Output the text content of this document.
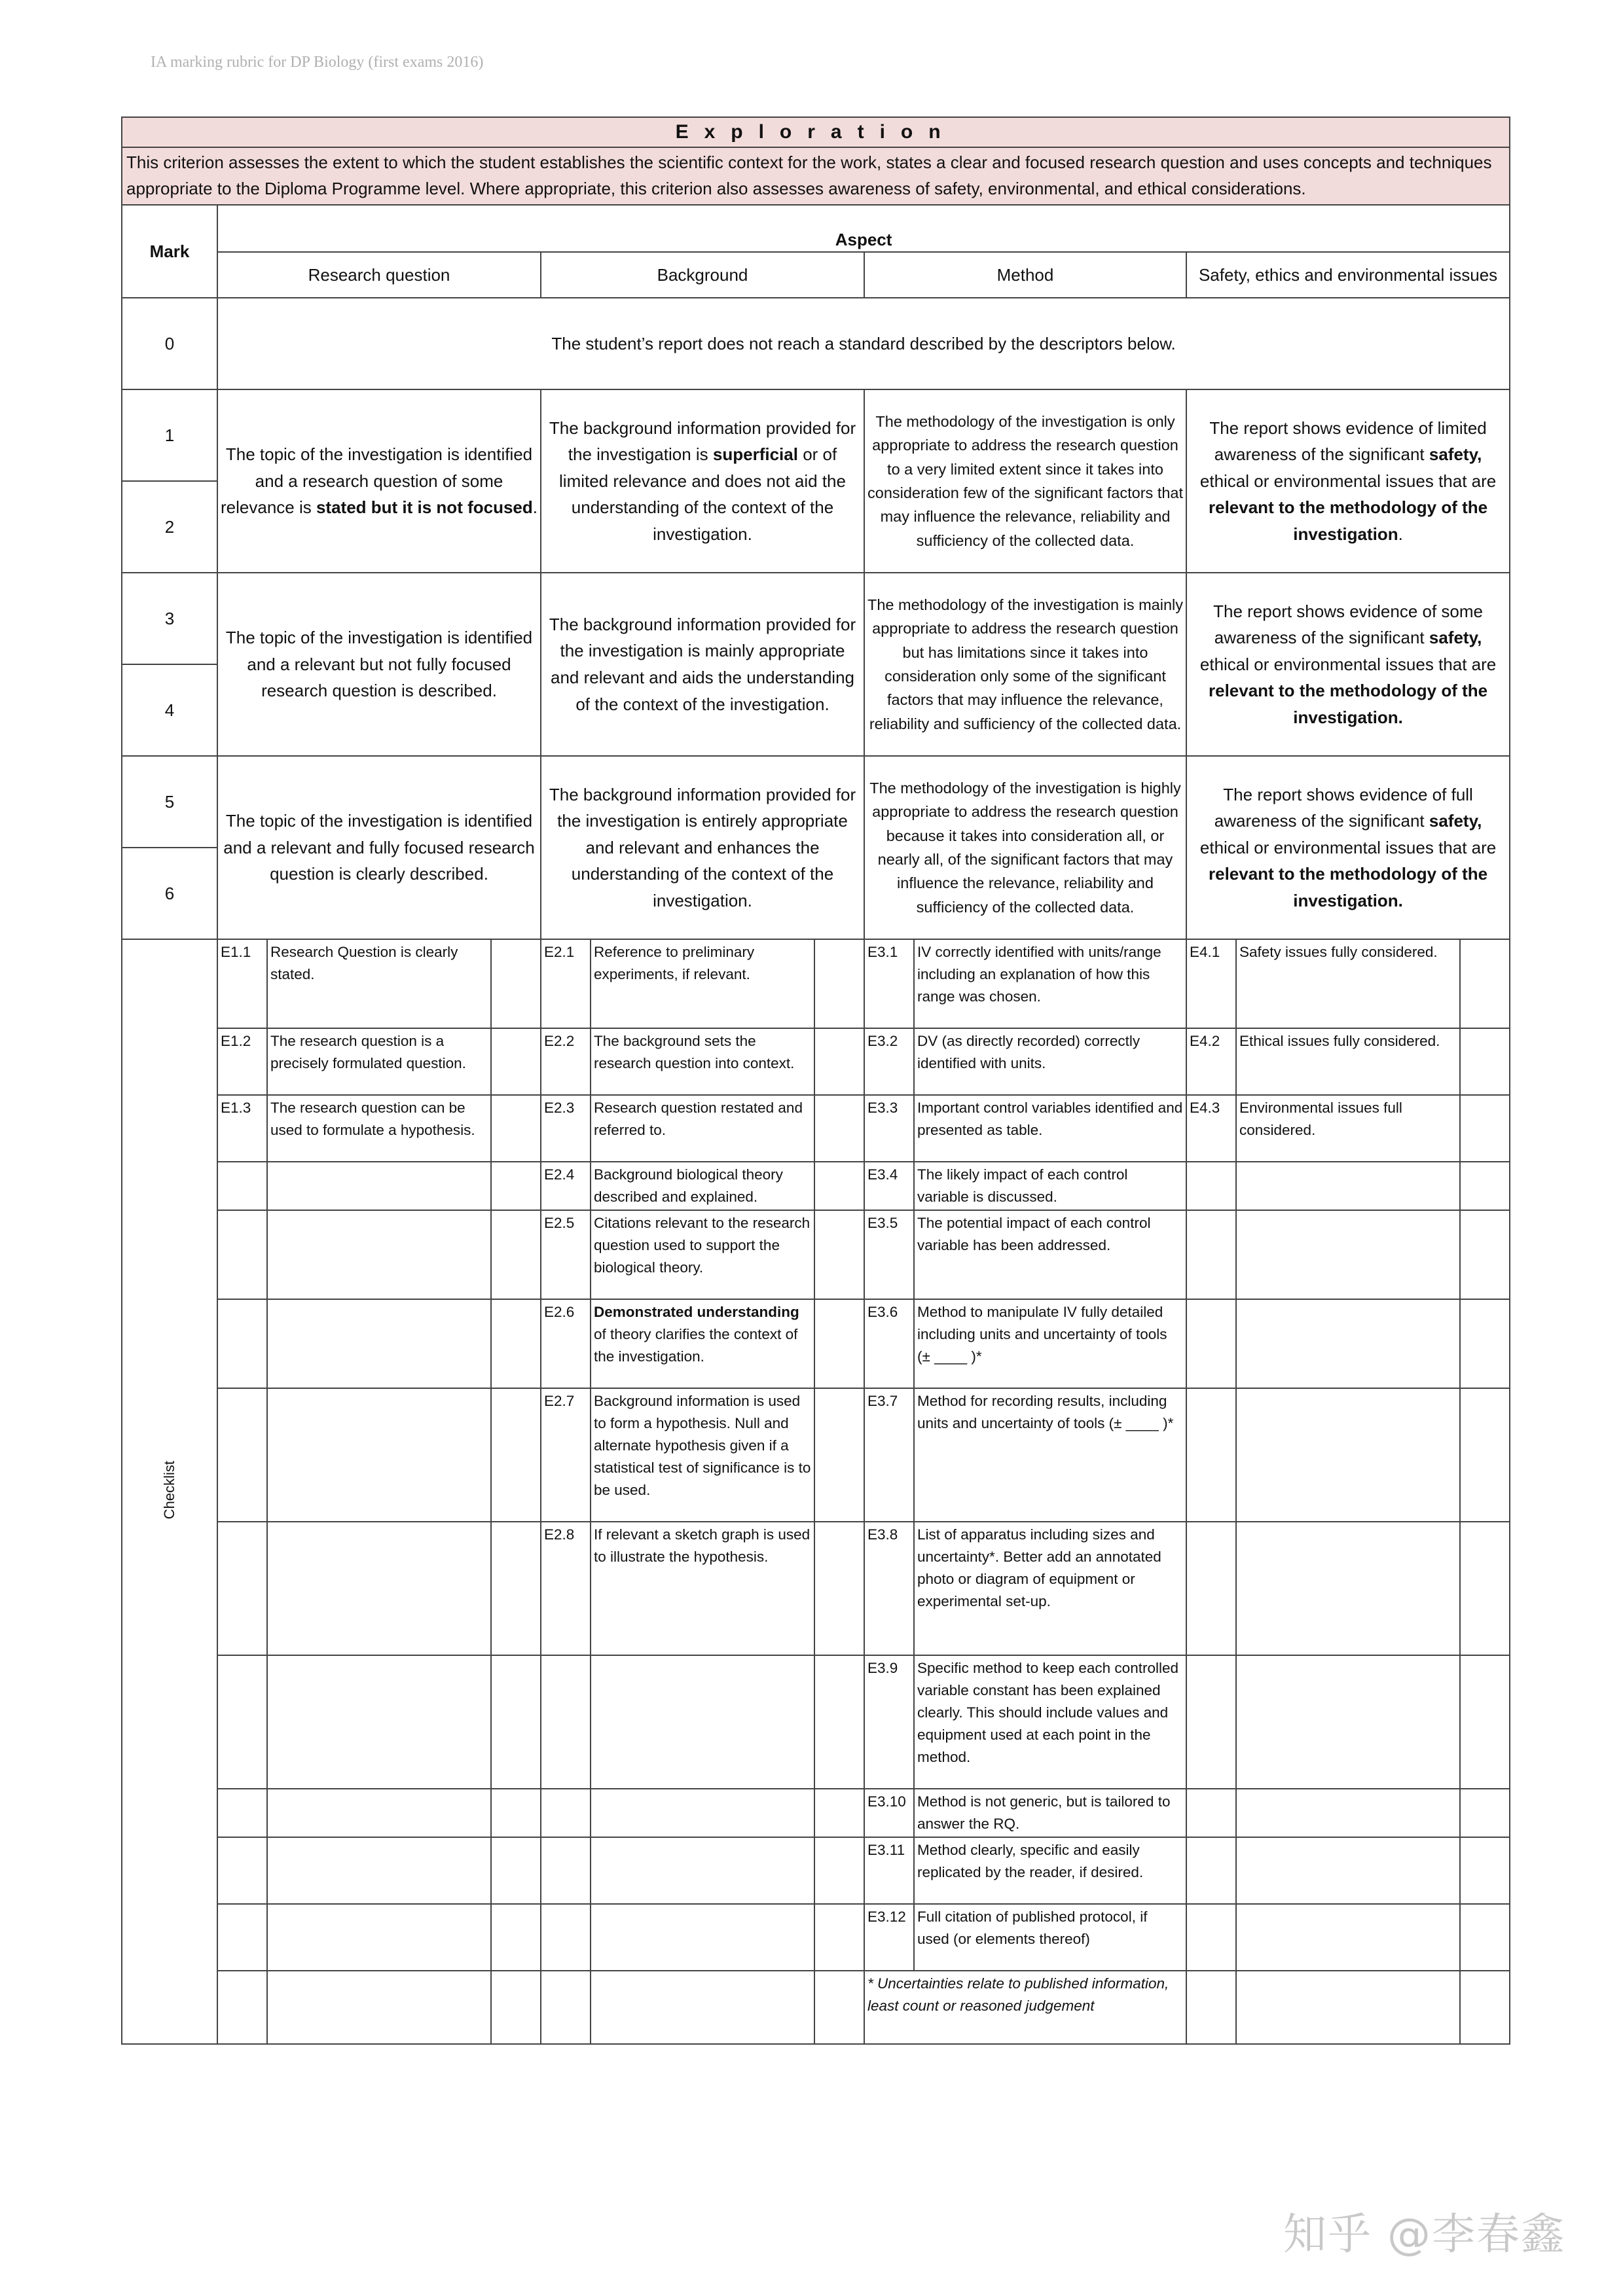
IA marking rubric for DP Biology (first exams 2016)
Exploration											
This criterion assesses the extent to which the student establishes the scientific context for the work, states a clear and focused research question and uses concepts and techniques appropriate to the Diploma Programme level. Where appropriate, this criterion also assesses awareness of safety, environmental, and ethical considerations.											
Mark	Aspect										
	Research question			Background			Method		Safety, ethics and environmental issues		
0	The student’s report does not reach a standard described by the descriptors below.										
1	The topic of the investigation is identified and a research question of some relevance is stated but it is not focused.			The background information provided for the investigation is superficial or of limited relevance and does not aid the understanding of the context of the investigation.			The methodology of the investigation is only appropriate to address the research question to a very limited extent since it takes into consideration few of the significant factors that may influence the relevance, reliability and sufficiency of the collected data.		The report shows evidence of limited awareness of the significant safety, ethical or environmental issues that are relevant to the methodology of the investigation.		
2											
3	The topic of the investigation is identified and a relevant but not fully focused research question is described.			The background information provided for the investigation is mainly appropriate and relevant and aids the understanding of the context of the investigation.			The methodology of the investigation is mainly appropriate to address the research question but has limitations since it takes into consideration only some of the significant factors that may influence the relevance, reliability and sufficiency of the collected data.		The report shows evidence of some awareness of the significant safety, ethical or environmental issues that are relevant to the methodology of the investigation.		
4											
5	The topic of the investigation is identified and a relevant and fully focused research question is clearly described.			The background information provided for the investigation is entirely appropriate and relevant and enhances the understanding of the context of the investigation.			The methodology of the investigation is highly appropriate to address the research question because it takes into consideration all, or nearly all, of the significant factors that may influence the relevance, reliability and sufficiency of the collected data.		The report shows evidence of full awareness of the significant safety, ethical or environmental issues that are relevant to the methodology of the investigation.		
6											
Checklist	E1.1	Research Question is clearly stated.		E2.1	Reference to preliminary experiments, if relevant.		E3.1	IV correctly identified with units/range including an explanation of how this range was chosen.	E4.1	Safety issues fully considered.	
	E1.2	The research question is a precisely formulated question.		E2.2	The background sets the research question into context.		E3.2	DV (as directly recorded) correctly identified with units.	E4.2	Ethical issues fully considered.	
	E1.3	The research question can be used to formulate a hypothesis.		E2.3	Research question restated and referred to.		E3.3	Important control variables identified and presented as table.	E4.3	Environmental issues full considered.	
				E2.4	Background biological theory described and explained.		E3.4	The likely impact of each control variable is discussed.			
				E2.5	Citations relevant to the research question used to support the biological theory.		E3.5	The potential impact of each control variable has been addressed.			
				E2.6	Demonstrated understanding of theory clarifies the context of the investigation.		E3.6	Method to manipulate IV fully detailed including units and uncertainty of tools (± ____ )*			
				E2.7	Background information is used to form a hypothesis. Null and alternate hypothesis given if a statistical test of significance is to be used.		E3.7	Method for recording results, including units and uncertainty of tools (± ____ )*			
				E2.8	If relevant a sketch graph is used to illustrate the hypothesis.		E3.8	List of apparatus including sizes and uncertainty*. Better add an annotated photo or diagram of equipment or experimental set-up.			
							E3.9	Specific method to keep each controlled variable constant has been explained clearly. This should include values and equipment used at each point in the method.			
							E3.10	Method is not generic, but is tailored to answer the RQ.			
							E3.11	Method clearly, specific and easily replicated by the reader, if desired.			
							E3.12	Full citation of published protocol, if used (or elements thereof)			
							* Uncertainties relate to published information, least count or reasoned judgement				
知乎 @李春鑫
